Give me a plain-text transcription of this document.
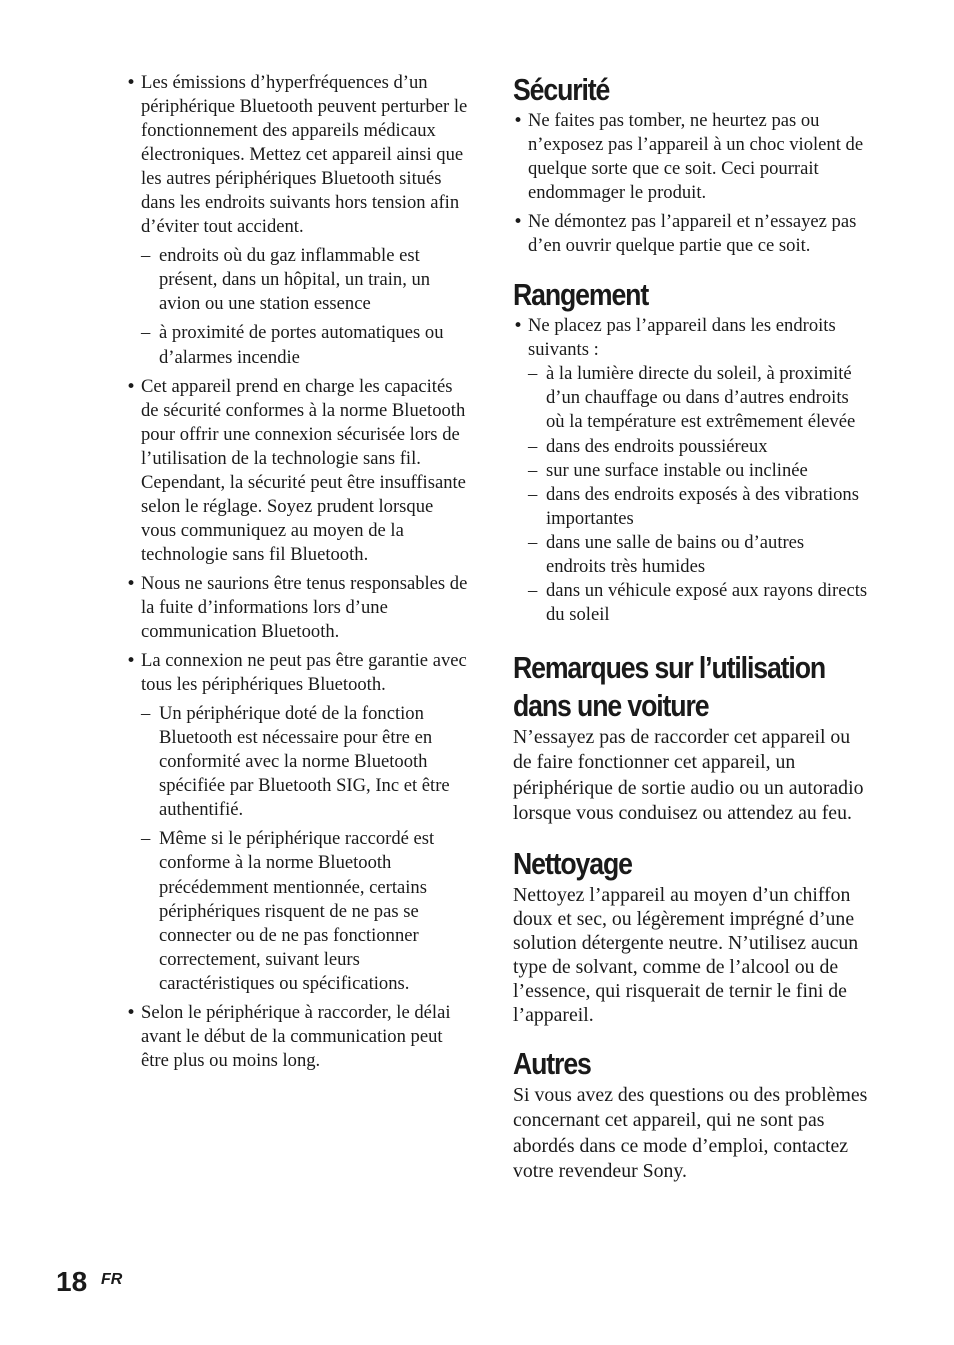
• Les émissions d’hyperfréquences d’un périphérique Bluetooth peuvent perturber le fonctionnement des appareils médicaux électroniques. Mettez cet appareil ainsi que les autres périphériques Bluetooth situés dans les endroits suivants hors tension afin d’éviter tout accident.

– endroits où du gaz inflammable est présent, dans un hôpital, un train, un avion ou une station essence

– à proximité de portes automatiques ou d’alarmes incendie

• Cet appareil prend en charge les capacités de sécurité conformes à la norme Bluetooth pour offrir une connexion sécurisée lors de l’utilisation de la technologie sans fil. Cependant, la sécurité peut être insuffisante selon le réglage. Soyez prudent lorsque vous communiquez au moyen de la technologie sans fil Bluetooth.

• Nous ne saurions être tenus responsables de la fuite d’informations lors d’une communication Bluetooth.

• La connexion ne peut pas être garantie avec tous les périphériques Bluetooth.

– Un périphérique doté de la fonction Bluetooth est nécessaire pour être en conformité avec la norme Bluetooth spécifiée par Bluetooth SIG, Inc et être authentifié.

– Même si le périphérique raccordé est conforme à la norme Bluetooth précédemment mentionnée, certains périphériques risquent de ne pas se connecter ou de ne pas fonctionner correctement, suivant leurs caractéristiques ou spécifications.

• Selon le périphérique à raccorder, le délai avant le début de la communication peut être plus ou moins long.

Sécurité

• Ne faites pas tomber, ne heurtez pas ou n’exposez pas l’appareil à un choc violent de quelque sorte que ce soit. Ceci pourrait endommager le produit.

• Ne démontez pas l’appareil et n’essayez pas d’en ouvrir quelque partie que ce soit.

Rangement

• Ne placez pas l’appareil dans les endroits suivants :

– à la lumière directe du soleil, à proximité d’un chauffage ou dans d’autres endroits où la température est extrêmement élevée

– dans des endroits poussiéreux

– sur une surface instable ou inclinée

– dans des endroits exposés à des vibrations importantes

– dans une salle de bains ou d’autres endroits très humides

– dans un véhicule exposé aux rayons directs du soleil

Remarques sur l’utilisation
dans une voiture

N’essayez pas de raccorder cet appareil ou de faire fonctionner cet appareil, un périphérique de sortie audio ou un autoradio lorsque vous conduisez ou attendez au feu.

Nettoyage

Nettoyez l’appareil au moyen d’un chiffon doux et sec, ou légèrement imprégné d’une solution détergente neutre. N’utilisez aucun type de solvant, comme de l’alcool ou de l’essence, qui risquerait de ternir le fini de l’appareil.

Autres

Si vous avez des questions ou des problèmes concernant cet appareil, qui ne sont pas abordés dans ce mode d’emploi, contactez votre revendeur Sony.

18 FR
